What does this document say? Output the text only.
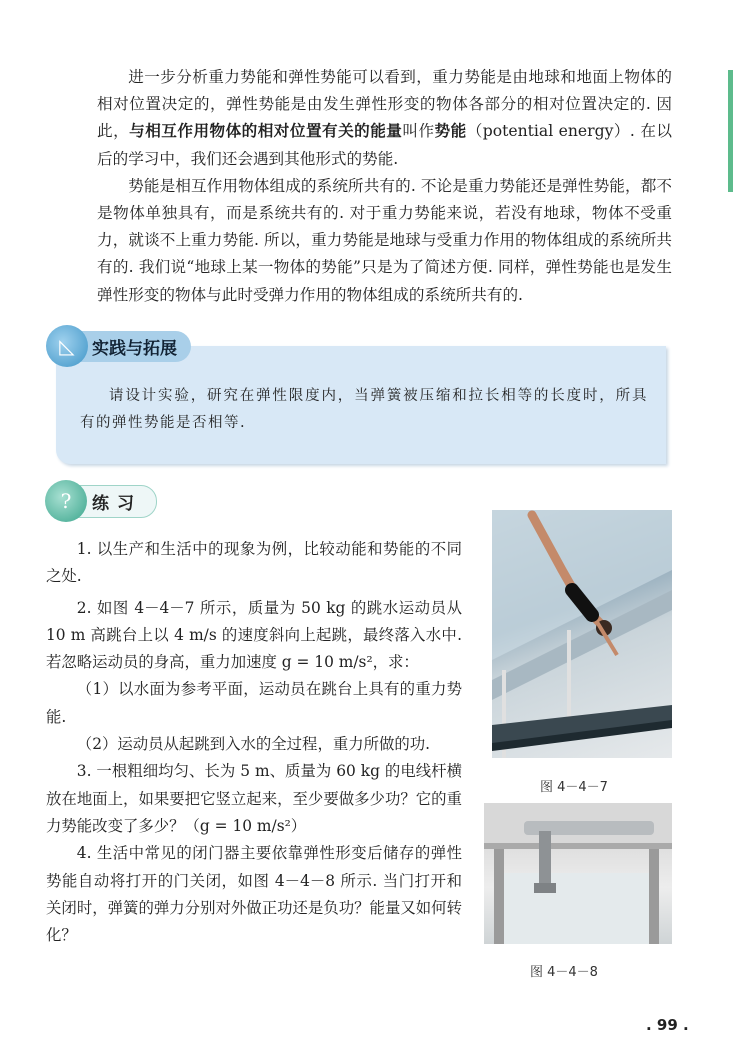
进一步分析重力势能和弹性势能可以看到，重力势能是由地球和地面上物体的相对位置决定的，弹性势能是由发生弹性形变的物体各部分的相对位置决定的. 因此，与相互作用物体的相对位置有关的能量叫作势能（potential energy）. 在以后的学习中，我们还会遇到其他形式的势能.

势能是相互作用物体组成的系统所共有的. 不论是重力势能还是弹性势能，都不是物体单独具有，而是系统共有的. 对于重力势能来说，若没有地球，物体不受重力，就谈不上重力势能. 所以，重力势能是地球与受重力作用的物体组成的系统所共有的. 我们说“地球上某一物体的势能”只是为了简述方便. 同样，弹性势能也是发生弹性形变的物体与此时受弹力作用的物体组成的系统所共有的.

请设计实验，研究在弹性限度内，当弹簧被压缩和拉长相等的长度时，所具有的弹性势能是否相等.

◺	实践与拓展
?	练习

1. 以生产和生活中的现象为例，比较动能和势能的不同之处.

2. 如图 4－4－7 所示，质量为 50 kg 的跳水运动员从 10 m 高跳台上以 4 m/s 的速度斜向上起跳，最终落入水中. 若忽略运动员的身高，重力加速度 g = 10 m/s²，求：

（1）以水面为参考平面，运动员在跳台上具有的重力势能.

（2）运动员从起跳到入水的全过程，重力所做的功.

3. 一根粗细均匀、长为 5 m、质量为 60 kg 的电线杆横放在地面上，如果要把它竖立起来，至少要做多少功？它的重力势能改变了多少？（g = 10 m/s²）

4. 生活中常见的闭门器主要依靠弹性形变后储存的弹性势能自动将打开的门关闭，如图 4－4－8 所示. 当门打开和关闭时，弹簧的弹力分别对外做正功还是负功？能量又如何转化？

图 4－4－7
图 4－4－8
. 99 .
